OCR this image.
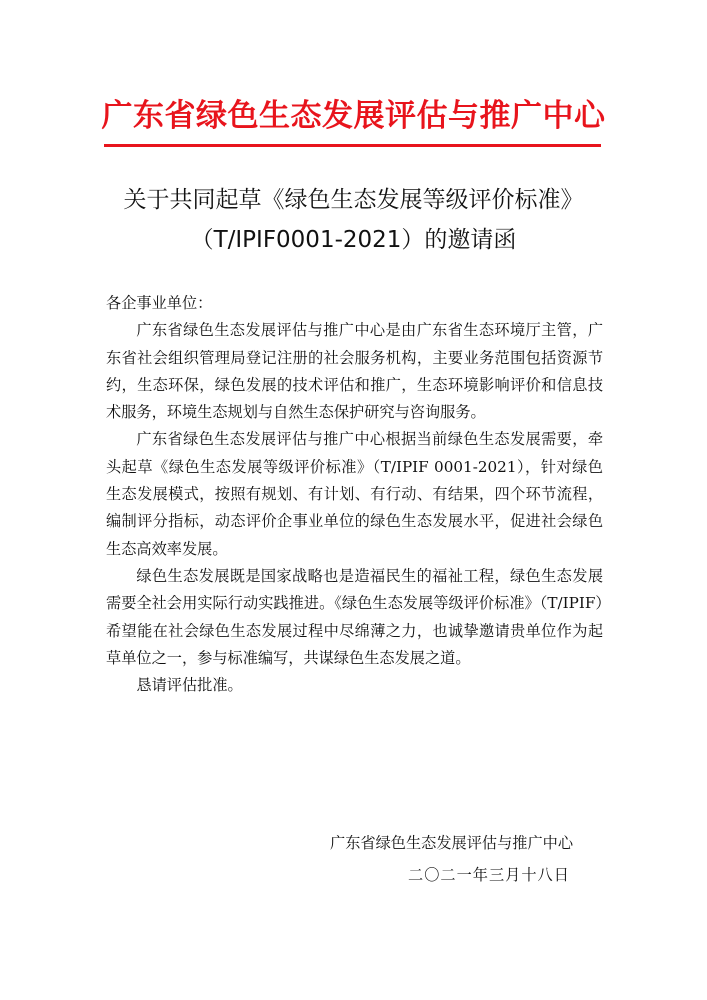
广东省绿色生态发展评估与推广中心
关于共同起草《绿色生态发展等级评价标准》
（T/IPIF0001-2021）的邀请函

各企事业单位：

广东省绿色生态发展评估与推广中心是由广东省生态环境厅主管，广东省社会组织管理局登记注册的社会服务机构，主要业务范围包括资源节约，生态环保，绿色发展的技术评估和推广，生态环境影响评价和信息技术服务，环境生态规划与自然生态保护研究与咨询服务。

广东省绿色生态发展评估与推广中心根据当前绿色生态发展需要，牵头起草《绿色生态发展等级评价标准》（T/IPIF 0001-2021），针对绿色生态发展模式，按照有规划、有计划、有行动、有结果，四个环节流程，编制评分指标，动态评价企事业单位的绿色生态发展水平，促进社会绿色生态高效率发展。

绿色生态发展既是国家战略也是造福民生的福祉工程，绿色生态发展需要全社会用实际行动实践推进。《绿色生态发展等级评价标准》（T/IPIF）希望能在社会绿色生态发展过程中尽绵薄之力，也诚挚邀请贵单位作为起草单位之一，参与标准编写，共谋绿色生态发展之道。

恳请评估批准。

广东省绿色生态发展评估与推广中心
二〇二一年三月十八日
